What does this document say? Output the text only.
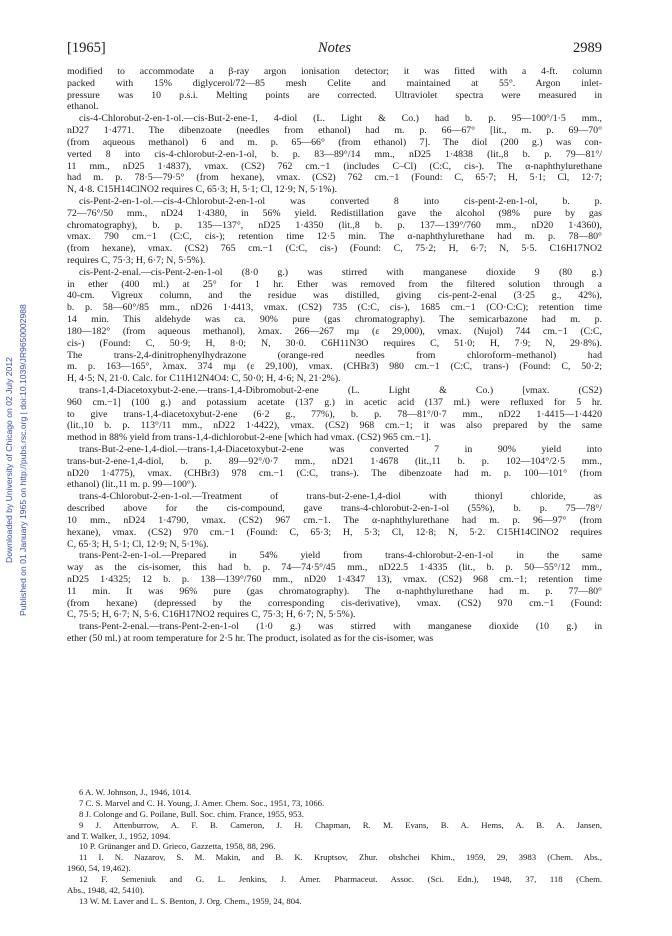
Downloaded by University of Chicago on 02 July 2012 Published on 01 January 1965 on http://pubs.rsc.org | doi:10.1039/JR9650002988
[1965]	Notes	2989
modified to accommodate a β-ray argon ionisation detector; it was fitted with a 4-ft. column
packed with 15% diglycerol/72—85 mesh Celite and maintained at 55°. Argon inlet-
pressure was 10 p.s.i. Melting points are corrected. Ultraviolet spectra were measured in
ethanol.
cis-4-Chlorobut-2-en-1-ol.—cis-But-2-ene-1, 4-diol (L. Light & Co.) had b. p. 95—100°/1·5 mm.,
nD27 1·4771. The dibenzoate (needles from ethanol) had m. p. 66—67° [lit., m. p. 69—70°
(from aqueous methanol) 6 and m. p. 65—66° (from ethanol) 7]. The diol (200 g.) was con-
verted 8 into cis-4-chlorobut-2-en-1-ol, b. p. 83—89°/14 mm., nD25 1·4838 (lit.,8 b. p. 79—81°/
11 mm., nD25 1·4837), νmax. (CS2) 762 cm.−1 (includes C–Cl) (C:C, cis-). The α-naphthylurethane
had m. p. 78·5—79·5° (from hexane), νmax. (CS2) 762 cm.−1 (Found: C, 65·7; H, 5·1; Cl, 12·7;
N, 4·8. C15H14ClNO2 requires C, 65·3; H, 5·1; Cl, 12·9; N, 5·1%).
cis-Pent-2-en-1-ol.—cis-4-Chlorobut-2-en-1-ol was converted 8 into cis-pent-2-en-1-ol, b. p.
72—76°/50 mm., nD24 1·4380, in 56% yield. Redistillation gave the alcohol (98% pure by gas
chromatography), b. p. 135—137°, nD25 1·4350 (lit.,8 b. p. 137—139°/760 mm., nD20 1·4360),
νmax. 790 cm.−1 (C:C, cis-); retention time 12·5 min. The α-naphthylurethane had m. p. 78—80°
(from hexane), νmax. (CS2) 765 cm.−1 (C:C, cis-) (Found: C, 75·2; H, 6·7; N, 5·5. C16H17NO2
requires C, 75·3; H, 6·7; N, 5·5%).
cis-Pent-2-enal.—cis-Pent-2-en-1-ol (8·0 g.) was stirred with manganese dioxide 9 (80 g.)
in ether (400 ml.) at 25° for 1 hr. Ether was removed from the filtered solution through a
40-cm. Vigreux column, and the residue was distilled, giving cis-pent-2-enal (3·25 g., 42%),
b. p. 58—60°/85 mm., nD26 1·4413, νmax. (CS2) 735 (C:C, cis-), 1685 cm.−1 (CO·C:C); retention time
14 min. This aldehyde was ca. 90% pure (gas chromatography). The semicarbazone had m. p.
180—182° (from aqueous methanol), λmax. 266—267 mμ (ε 29,000), νmax. (Nujol) 744 cm.−1 (C:C,
cis-) (Found: C, 50·9; H, 8·0; N, 30·0. C6H11N3O requires C, 51·0; H, 7·9; N, 29·8%).
The trans-2,4-dinitrophenylhydrazone (orange-red needles from chloroform–methanol) had
m. p. 163—165°, λmax. 374 mμ (ε 29,100), νmax. (CHBr3) 980 cm.−1 (C:C, trans-) (Found: C, 50·2;
H, 4·5; N, 21·0. Calc. for C11H12N4O4: C, 50·0; H, 4·6; N, 21·2%).
trans-1,4-Diacetoxybut-2-ene.—trans-1,4-Dibromobut-2-ene (L. Light & Co.) [νmax. (CS2)
960 cm.−1] (100 g.) and potassium acetate (137 g.) in acetic acid (137 ml.) were refluxed for 5 hr.
to give trans-1,4-diacetoxybut-2-ene (6·2 g., 77%), b. p. 78—81°/0·7 mm., nD22 1·4415—1·4420
(lit.,10 b. p. 113°/11 mm., nD22 1·4422), νmax. (CS2) 968 cm.−1; it was also prepared by the same
method in 88% yield from trans-1,4-dichlorobut-2-ene [which had νmax. (CS2) 965 cm.−1].
trans-But-2-ene-1,4-diol.—trans-1,4-Diacetoxybut-2-ene was converted 7 in 90% yield into
trans-but-2-ene-1,4-diol, b. p. 89—92°/0·7 mm., nD21 1·4678 (lit.,11 b. p. 102—104°/2·5 mm.,
nD20 1·4775), νmax. (CHBr3) 978 cm.−1 (C:C, trans-). The dibenzoate had m. p. 100—101° (from
ethanol) (lit.,11 m. p. 99—100°).
trans-4-Chlorobut-2-en-1-ol.—Treatment of trans-but-2-ene-1,4-diol with thionyl chloride, as
described above for the cis-compound, gave trans-4-chlorobut-2-en-1-ol (55%), b. p. 75—78°/
10 mm., nD24 1·4790, νmax. (CS2) 967 cm.−1. The α-naphthylurethane had m. p. 96—97° (from
hexane), νmax. (CS2) 970 cm.−1 (Found: C, 65·3; H, 5·3; Cl, 12·8; N, 5·2. C15H14ClNO2 requires
C, 65·3; H, 5·1; Cl, 12·9; N, 5·1%).
trans-Pent-2-en-1-ol.—Prepared in 54% yield from trans-4-chlorobut-2-en-1-ol in the same
way as the cis-isomer, this had b. p. 74—74·5°/45 mm., nD22.5 1·4335 (lit., b. p. 50—55°/12 mm.,
nD25 1·4325; 12 b. p. 138—139°/760 mm., nD20 1·4347 13), νmax. (CS2) 968 cm.−1; retention time
11 min. It was 96% pure (gas chromatography). The α-naphthylurethane had m. p. 77—80°
(from hexane) (depressed by the corresponding cis-derivative), νmax. (CS2) 970 cm.−1 (Found:
C, 75·5; H, 6·7; N, 5·6. C16H17NO2 requires C, 75·3; H, 6·7; N, 5·5%).
trans-Pent-2-enal.—trans-Pent-2-en-1-ol (1·0 g.) was stirred with manganese dioxide (10 g.) in
ether (50 ml.) at room temperature for 2·5 hr. The product, isolated as for the cis-isomer, was
6 A. W. Johnson, J., 1946, 1014.
7 C. S. Marvel and C. H. Young, J. Amer. Chem. Soc., 1951, 73, 1066.
8 J. Colonge and G. Poilane, Bull. Soc. chim. France, 1955, 953.
9 J. Attenburrow, A. F. B. Cameron, J. H. Chapman, R. M. Evans, B. A. Hems, A. B. A. Jansen,
and T. Walker, J., 1952, 1094.
10 P. Grünanger and D. Grieco, Gazzetta, 1958, 88, 296.
11 I. N. Nazarov, S. M. Makin, and B. K. Kruptsov, Zhur. obshchei Khim., 1959, 29, 3983 (Chem. Abs.,
1960, 54, 19,462).
12 F. Semeniuk and G. L. Jenkins, J. Amer. Pharmaceut. Assoc. (Sci. Edn.), 1948, 37, 118 (Chem.
Abs., 1948, 42, 5410).
13 W. M. Laver and L. S. Benton, J. Org. Chem., 1959, 24, 804.
